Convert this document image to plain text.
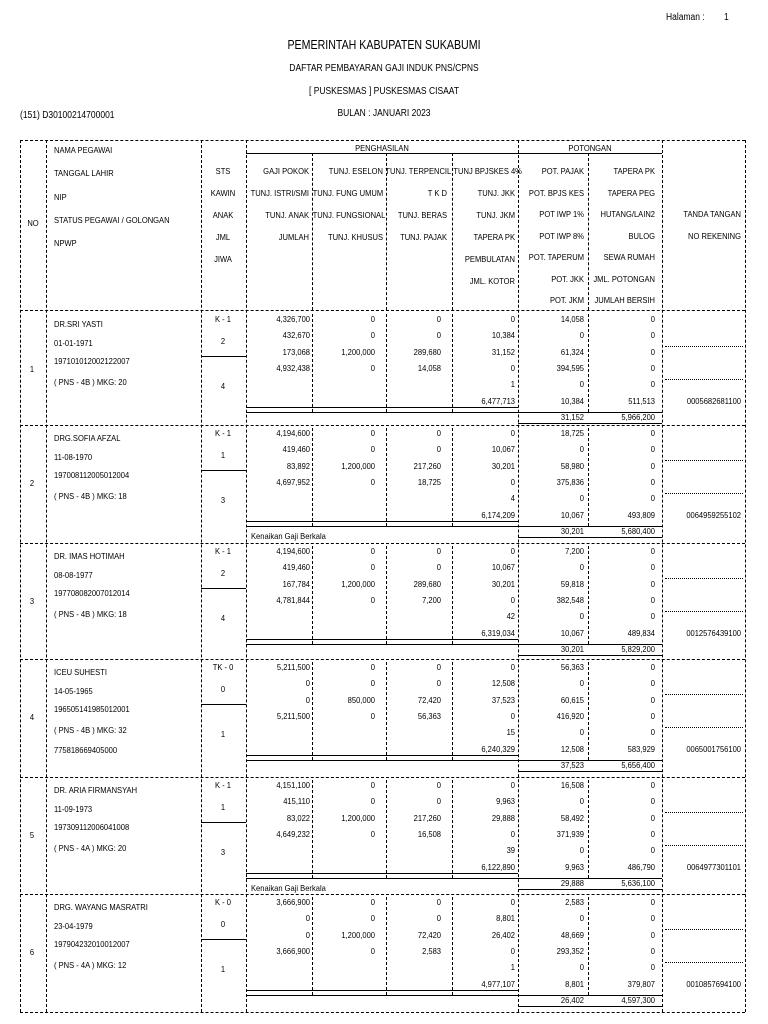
Halaman : 1
PEMERINTAH KABUPATEN SUKABUMI
DAFTAR PEMBAYARAN GAJI INDUK PNS/CPNS
[ PUSKESMAS ] PUSKESMAS CISAAT
BULAN : JANUARI 2023
(151) D30100214700001
NO
NAMA PEGAWAI
TANGGAL LAHIR
NIP
STATUS PEGAWAI / GOLONGAN
NPWP
STS
KAWIN
ANAK
JML
JIWA
PENGHASILAN	POTONGAN
GAJI POKOK
TUNJ. ISTRI/SMI
TUNJ. ANAK
JUMLAH
TUNJ. ESELON
TUNJ. FUNG UMUM
TUNJ. FUNGSIONAL
TUNJ. KHUSUS
TUNJ. TERPENCIL
T K D
TUNJ. BERAS
TUNJ. PAJAK
TUNJ BPJSKES 4%
TUNJ. JKK
TUNJ. JKM
TAPERA PK
PEMBULATAN
JML. KOTOR
POT. PAJAK
POT. BPJS KES
POT IWP 1%
POT IWP 8%
POT. TAPERUM
POT. JKK
POT. JKM
TAPERA PK
TAPERA PEG
HUTANG/LAIN2
BULOG
SEWA RUMAH
JML. POTONGAN
JUMLAH BERSIH
TANDA TANGAN
NO REKENING
1
DR.SRI YASTI
01-01-1971
197101012002122007
( PNS - 4B ) MKG: 20
K - 1
2
4
4,326,700
432,670
173,068
4,932,438
0
0
1,200,000
0
0
0
289,680
14,058
0
10,384
31,152
0
1
6,477,713
14,058
0
61,324
394,595
0
10,384
31,152
0
0
0
0
0
511,513
5,966,200
0005682681100
2
DRG.SOFIA AFZAL
11-08-1970
197008112005012004
( PNS - 4B ) MKG: 18
K - 1
1
3
4,194,600
419,460
83,892
4,697,952
0
0
1,200,000
0
0
0
217,260
18,725
0
10,067
30,201
0
4
6,174,209
18,725
0
58,980
375,836
0
10,067
30,201
0
0
0
0
0
493,809
5,680,400
0064959255102
Kenaikan Gaji Berkala
3
DR. IMAS HOTIMAH
08-08-1977
197708082007012014
( PNS - 4B ) MKG: 18
K - 1
2
4
4,194,600
419,460
167,784
4,781,844
0
0
1,200,000
0
0
0
289,680
7,200
0
10,067
30,201
0
42
6,319,034
7,200
0
59,818
382,548
0
10,067
30,201
0
0
0
0
0
489,834
5,829,200
0012576439100
4
ICEU SUHESTI
14-05-1965
196505141985012001
( PNS - 4B ) MKG: 32
775818669405000
TK - 0
0
1
5,211,500
0
0
5,211,500
0
0
850,000
0
0
0
72,420
56,363
0
12,508
37,523
0
15
6,240,329
56,363
0
60,615
416,920
0
12,508
37,523
0
0
0
0
0
583,929
5,656,400
0065001756100
5
DR. ARIA FIRMANSYAH
11-09-1973
197309112006041008
( PNS - 4A ) MKG: 20
K - 1
1
3
4,151,100
415,110
83,022
4,649,232
0
0
1,200,000
0
0
0
217,260
16,508
0
9,963
29,888
0
39
6,122,890
16,508
0
58,492
371,939
0
9,963
29,888
0
0
0
0
0
486,790
5,636,100
0064977301101
Kenaikan Gaji Berkala
6
DRG. WAYANG MASRATRI
23-04-1979
197904232010012007
( PNS - 4A ) MKG: 12
K - 0
0
1
3,666,900
0
0
3,666,900
0
0
1,200,000
0
0
0
72,420
2,583
0
8,801
26,402
0
1
4,977,107
2,583
0
48,669
293,352
0
8,801
26,402
0
0
0
0
0
379,807
4,597,300
0010857694100
